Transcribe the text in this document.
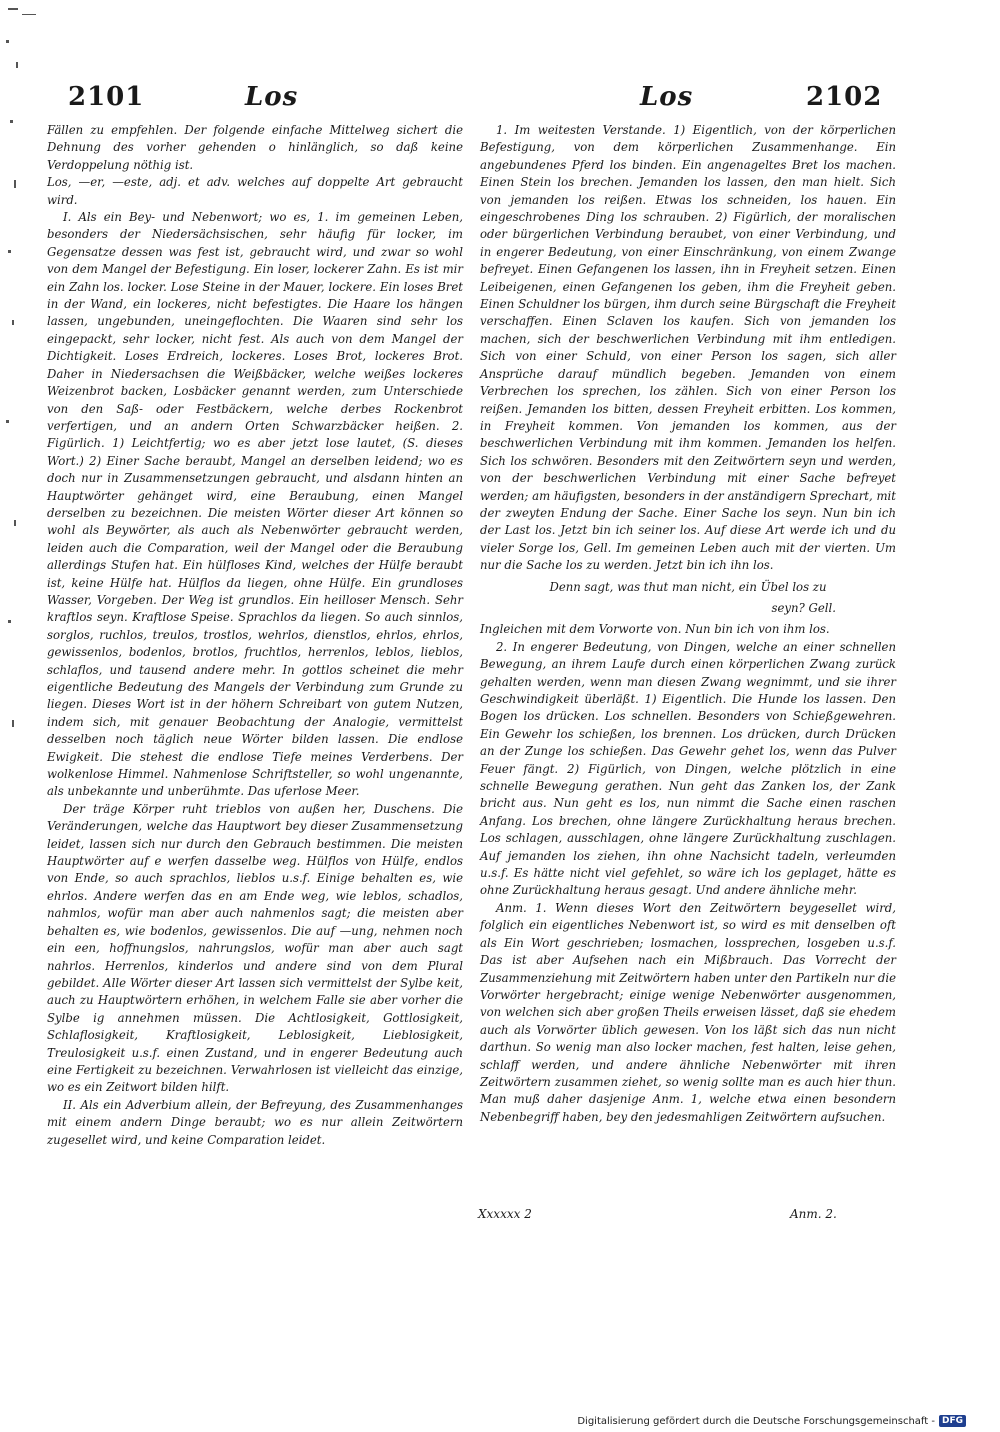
2101	Los	Los	2102

Fällen zu empfehlen. Der folgende einfache Mittelweg sichert die Dehnung des vorher gehenden o hinlänglich, so daß keine Verdoppelung nöthig ist.

Los, —er, —este, adj. et adv. welches auf doppelte Art gebraucht wird.

I. Als ein Bey- und Nebenwort; wo es, 1. im gemeinen Leben, besonders der Niedersächsischen, sehr häufig für locker, im Gegensatze dessen was fest ist, gebraucht wird, und zwar so wohl von dem Mangel der Befestigung. Ein loser, lockerer Zahn. Es ist mir ein Zahn los. locker. Lose Steine in der Mauer, lockere. Ein loses Bret in der Wand, ein lockeres, nicht befestigtes. Die Haare los hängen lassen, ungebunden, uneingeflochten. Die Waaren sind sehr los eingepackt, sehr locker, nicht fest. Als auch von dem Mangel der Dichtigkeit. Loses Erdreich, lockeres. Loses Brot, lockeres Brot. Daher in Niedersachsen die Weißbäcker, welche weißes lockeres Weizenbrot backen, Losbäcker genannt werden, zum Unterschiede von den Saß- oder Festbäckern, welche derbes Rockenbrot verfertigen, und an andern Orten Schwarzbäcker heißen. 2. Figürlich. 1) Leichtfertig; wo es aber jetzt lose lautet, (S. dieses Wort.) 2) Einer Sache beraubt, Mangel an derselben leidend; wo es doch nur in Zusammensetzungen gebraucht, und alsdann hinten an Hauptwörter gehänget wird, eine Beraubung, einen Mangel derselben zu bezeichnen. Die meisten Wörter dieser Art können so wohl als Beywörter, als auch als Nebenwörter gebraucht werden, leiden auch die Comparation, weil der Mangel oder die Beraubung allerdings Stufen hat. Ein hülfloses Kind, welches der Hülfe beraubt ist, keine Hülfe hat. Hülflos da liegen, ohne Hülfe. Ein grundloses Wasser, Vorgeben. Der Weg ist grundlos. Ein heilloser Mensch. Sehr kraftlos seyn. Kraftlose Speise. Sprachlos da liegen. So auch sinnlos, sorglos, ruchlos, treulos, trostlos, wehrlos, dienstlos, ehrlos, ehrlos, gewissenlos, bodenlos, brotlos, fruchtlos, herrenlos, leblos, lieblos, schlaflos, und tausend andere mehr. In gottlos scheinet die mehr eigentliche Bedeutung des Mangels der Verbindung zum Grunde zu liegen. Dieses Wort ist in der höhern Schreibart von gutem Nutzen, indem sich, mit genauer Beobachtung der Analogie, vermittelst desselben noch täglich neue Wörter bilden lassen. Die endlose Ewigkeit. Die stehest die endlose Tiefe meines Verderbens. Der wolkenlose Himmel. Nahmenlose Schriftsteller, so wohl ungenannte, als unbekannte und unberühmte. Das uferlose Meer.

Der träge Körper ruht trieblos von außen her, Duschens. Die Veränderungen, welche das Hauptwort bey dieser Zusammensetzung leidet, lassen sich nur durch den Gebrauch bestimmen. Die meisten Hauptwörter auf e werfen dasselbe weg. Hülflos von Hülfe, endlos von Ende, so auch sprachlos, lieblos u.s.f. Einige behalten es, wie ehrlos. Andere werfen das en am Ende weg, wie leblos, schadlos, nahmlos, wofür man aber auch nahmenlos sagt; die meisten aber behalten es, wie bodenlos, gewissenlos. Die auf —ung, nehmen noch ein een, hoffnungslos, nahrungslos, wofür man aber auch sagt nahrlos. Herrenlos, kinderlos und andere sind von dem Plural gebildet. Alle Wörter dieser Art lassen sich vermittelst der Sylbe keit, auch zu Hauptwörtern erhöhen, in welchem Falle sie aber vorher die Sylbe ig annehmen müssen. Die Achtlosigkeit, Gottlosigkeit, Schlaflosigkeit, Kraftlosigkeit, Leblosigkeit, Lieblosigkeit, Treulosigkeit u.s.f. einen Zustand, und in engerer Bedeutung auch eine Fertigkeit zu bezeichnen. Verwahrlosen ist vielleicht das einzige, wo es ein Zeitwort bilden hilft.

II. Als ein Adverbium allein, der Befreyung, des Zusammenhanges mit einem andern Dinge beraubt; wo es nur allein Zeitwörtern zugesellet wird, und keine Comparation leidet.

1. Im weitesten Verstande. 1) Eigentlich, von der körperlichen Befestigung, von dem körperlichen Zusammenhange. Ein angebundenes Pferd los binden. Ein angenageltes Bret los machen. Einen Stein los brechen. Jemanden los lassen, den man hielt. Sich von jemanden los reißen. Etwas los schneiden, los hauen. Ein eingeschrobenes Ding los schrauben. 2) Figürlich, der moralischen oder bürgerlichen Verbindung beraubet, von einer Verbindung, und in engerer Bedeutung, von einer Einschränkung, von einem Zwange befreyet. Einen Gefangenen los lassen, ihn in Freyheit setzen. Einen Leibeigenen, einen Gefangenen los geben, ihm die Freyheit geben. Einen Schuldner los bürgen, ihm durch seine Bürgschaft die Freyheit verschaffen. Einen Sclaven los kaufen. Sich von jemanden los machen, sich der beschwerlichen Verbindung mit ihm entledigen. Sich von einer Schuld, von einer Person los sagen, sich aller Ansprüche darauf mündlich begeben. Jemanden von einem Verbrechen los sprechen, los zählen. Sich von einer Person los reißen. Jemanden los bitten, dessen Freyheit erbitten. Los kommen, in Freyheit kommen. Von jemanden los kommen, aus der beschwerlichen Verbindung mit ihm kommen. Jemanden los helfen. Sich los schwören. Besonders mit den Zeitwörtern seyn und werden, von der beschwerlichen Verbindung mit einer Sache befreyet werden; am häufigsten, besonders in der anständigern Sprechart, mit der zweyten Endung der Sache. Einer Sache los seyn. Nun bin ich der Last los. Jetzt bin ich seiner los. Auf diese Art werde ich und du vieler Sorge los, Gell. Im gemeinen Leben auch mit der vierten. Um nur die Sache los zu werden. Jetzt bin ich ihn los.

Denn sagt, was thut man nicht, ein Übel los zu

seyn? Gell.

Ingleichen mit dem Vorworte von. Nun bin ich von ihm los.

2. In engerer Bedeutung, von Dingen, welche an einer schnellen Bewegung, an ihrem Laufe durch einen körperlichen Zwang zurück gehalten werden, wenn man diesen Zwang wegnimmt, und sie ihrer Geschwindigkeit überläßt. 1) Eigentlich. Die Hunde los lassen. Den Bogen los drücken. Los schnellen. Besonders von Schießgewehren. Ein Gewehr los schießen, los brennen. Los drücken, durch Drücken an der Zunge los schießen. Das Gewehr gehet los, wenn das Pulver Feuer fängt. 2) Figürlich, von Dingen, welche plötzlich in eine schnelle Bewegung gerathen. Nun geht das Zanken los, der Zank bricht aus. Nun geht es los, nun nimmt die Sache einen raschen Anfang. Los brechen, ohne längere Zurückhaltung heraus brechen. Los schlagen, ausschlagen, ohne längere Zurückhaltung zuschlagen. Auf jemanden los ziehen, ihn ohne Nachsicht tadeln, verleumden u.s.f. Es hätte nicht viel gefehlet, so wäre ich los geplaget, hätte es ohne Zurückhaltung heraus gesagt. Und andere ähnliche mehr.

Anm. 1. Wenn dieses Wort den Zeitwörtern beygesellet wird, folglich ein eigentliches Nebenwort ist, so wird es mit denselben oft als Ein Wort geschrieben; losmachen, lossprechen, losgeben u.s.f. Das ist aber Aufsehen nach ein Mißbrauch. Das Vorrecht der Zusammenziehung mit Zeitwörtern haben unter den Partikeln nur die Vorwörter hergebracht; einige wenige Nebenwörter ausgenommen, von welchen sich aber großen Theils erweisen lässet, daß sie ehedem auch als Vorwörter üblich gewesen. Von los läßt sich das nun nicht darthun. So wenig man also locker machen, fest halten, leise gehen, schlaff werden, und andere ähnliche Nebenwörter mit ihren Zeitwörtern zusammen ziehet, so wenig sollte man es auch hier thun. Man muß daher dasjenige Anm. 1, welche etwa einen besondern Nebenbegriff haben, bey den jedesmahligen Zeitwörtern aufsuchen.

Xxxxxx 2	Anm. 2.
Digitalisierung gefördert durch die Deutsche Forschungsgemeinschaft - DFG
